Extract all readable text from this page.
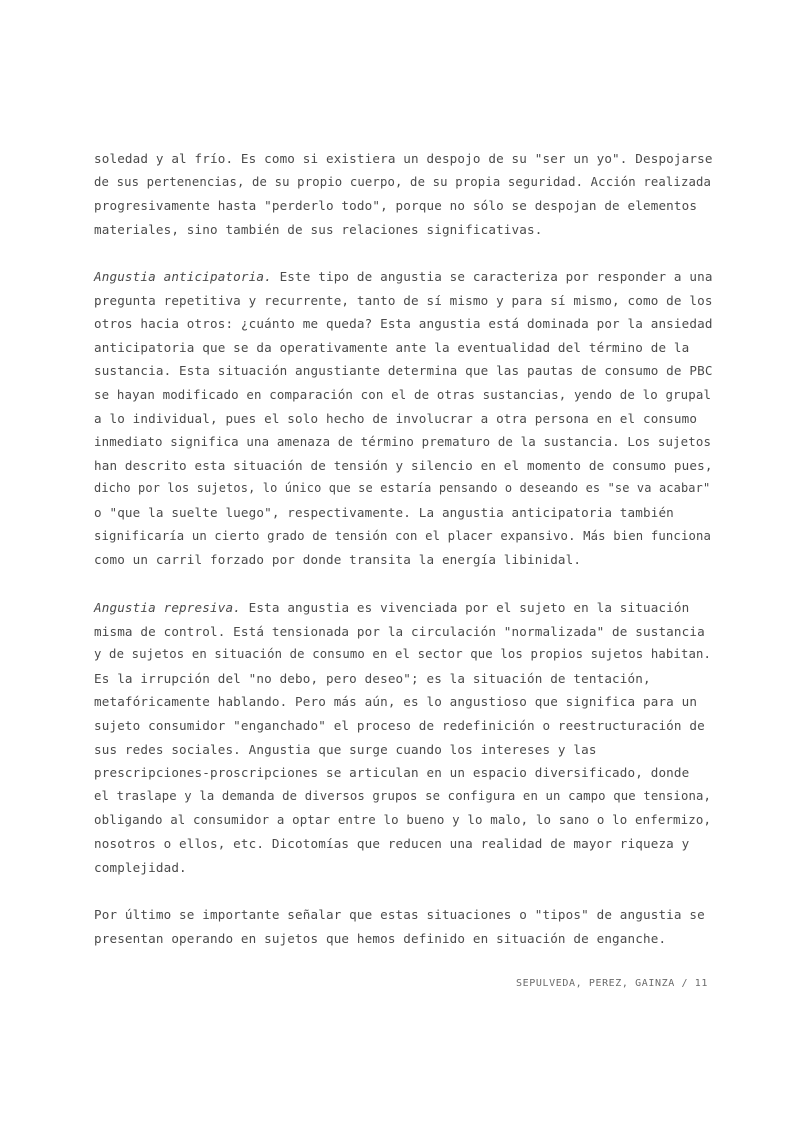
soledad y al frío. Es como si existiera un despojo de su "ser un yo". Despojarse
de sus pertenencias, de su propio cuerpo, de su propia seguridad. Acción realizada
progresivamente hasta "perderlo todo", porque no sólo se despojan de elementos
materiales, sino también de sus relaciones significativas.
Angustia anticipatoria. Este tipo de angustia se caracteriza por responder a una
pregunta repetitiva y recurrente, tanto de sí mismo y para sí mismo, como de los
otros hacia otros: ¿cuánto me queda? Esta angustia está dominada por la ansiedad
anticipatoria que se da operativamente ante la eventualidad del término de la
sustancia. Esta situación angustiante determina que las pautas de consumo de PBC
se hayan modificado en comparación con el de otras sustancias, yendo de lo grupal
a lo individual, pues el solo hecho de involucrar a otra persona en el consumo
inmediato significa una amenaza de término prematuro de la sustancia. Los sujetos
han descrito esta situación de tensión y silencio en el momento de consumo pues,
dicho por los sujetos, lo único que se estaría pensando o deseando es "se va acabar"
o "que la suelte luego", respectivamente. La angustia anticipatoria también
significaría un cierto grado de tensión con el placer expansivo. Más bien funciona
como un carril forzado por donde transita la energía libinidal.
Angustia represiva. Esta angustia es vivenciada por el sujeto en la situación
misma de control. Está tensionada por la circulación "normalizada" de sustancia
y de sujetos en situación de consumo en el sector que los propios sujetos habitan.
Es la irrupción del "no debo, pero deseo"; es la situación de tentación,
metafóricamente hablando. Pero más aún, es lo angustioso que significa para un
sujeto consumidor "enganchado" el proceso de redefinición o reestructuración de
sus redes sociales. Angustia que surge cuando los intereses y las
prescripciones-proscripciones se articulan en un espacio diversificado, donde
el traslape y la demanda de diversos grupos se configura en un campo que tensiona,
obligando al consumidor a optar entre lo bueno y lo malo, lo sano o lo enfermizo,
nosotros o ellos, etc. Dicotomías que reducen una realidad de mayor riqueza y
complejidad.
Por último se importante señalar que estas situaciones o "tipos" de angustia se
presentan operando en sujetos que hemos definido en situación de enganche.
SEPULVEDA, PEREZ, GAINZA / 11
